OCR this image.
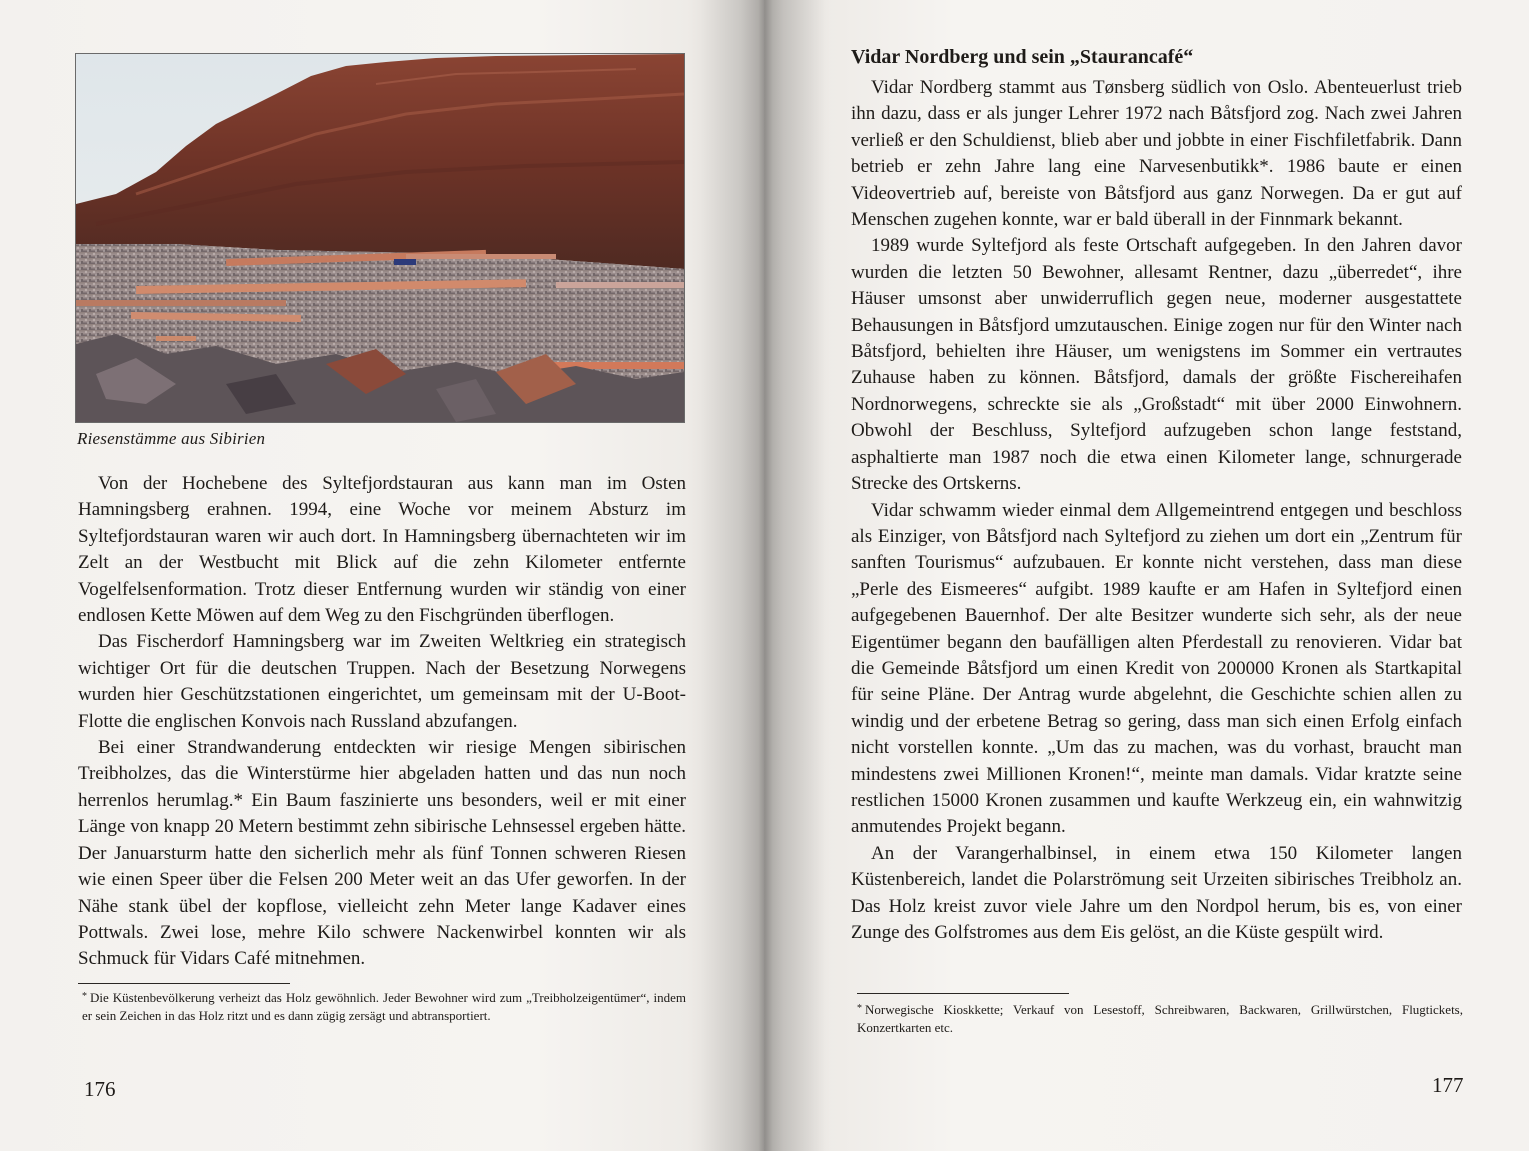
Riesenstämme aus Sibirien

Von der Hochebene des Syltefjordstauran aus kann man im Osten Hamningsberg erahnen. 1994, eine Woche vor meinem Absturz im Syltefjordstauran waren wir auch dort. In Hamningsberg übernachteten wir im Zelt an der Westbucht mit Blick auf die zehn Kilometer entfernte Vogelfelsenformation. Trotz dieser Entfernung wurden wir ständig von einer endlosen Kette Möwen auf dem Weg zu den Fischgründen überflogen.

Das Fischerdorf Hamningsberg war im Zweiten Weltkrieg ein strategisch wichtiger Ort für die deutschen Truppen. Nach der Besetzung Norwegens wurden hier Geschützstationen eingerichtet, um gemeinsam mit der U-Boot-Flotte die englischen Konvois nach Russland abzufangen.

Bei einer Strandwanderung entdeckten wir riesige Mengen sibirischen Treibholzes, das die Winterstürme hier abgeladen hatten und das nun noch herrenlos herumlag.* Ein Baum faszinierte uns besonders, weil er mit einer Länge von knapp 20 Metern bestimmt zehn sibirische Lehnsessel ergeben hätte. Der Januarsturm hatte den sicherlich mehr als fünf Tonnen schweren Riesen wie einen Speer über die Felsen 200 Meter weit an das Ufer geworfen. In der Nähe stank übel der kopflose, vielleicht zehn Meter lange Kadaver eines Pottwals. Zwei lose, mehre Kilo schwere Nackenwirbel konnten wir als Schmuck für Vidars Café mitnehmen.

* Die Küstenbevölkerung verheizt das Holz gewöhnlich. Jeder Bewohner wird zum „Treibholzeigentümer“, indem er sein Zeichen in das Holz ritzt und es dann zügig zersägt und abtransportiert.
176
Vidar Nordberg und sein „Staurancafé“

Vidar Nordberg stammt aus Tønsberg südlich von Oslo. Abenteuerlust trieb ihn dazu, dass er als junger Lehrer 1972 nach Båtsfjord zog. Nach zwei Jahren verließ er den Schuldienst, blieb aber und jobbte in einer Fischfiletfabrik. Dann betrieb er zehn Jahre lang eine Narvesenbutikk*. 1986 baute er einen Videovertrieb auf, bereiste von Båtsfjord aus ganz Norwegen. Da er gut auf Menschen zugehen konnte, war er bald überall in der Finnmark bekannt.

1989 wurde Syltefjord als feste Ortschaft aufgegeben. In den Jahren davor wurden die letzten 50 Bewohner, allesamt Rentner, dazu „überredet“, ihre Häuser umsonst aber unwiderruflich gegen neue, moderner ausgestattete Behausungen in Båtsfjord umzutauschen. Einige zogen nur für den Winter nach Båtsfjord, behielten ihre Häuser, um wenigstens im Sommer ein vertrautes Zuhause haben zu können. Båtsfjord, damals der größte Fischereihafen Nordnorwegens, schreckte sie als „Großstadt“ mit über 2000 Einwohnern. Obwohl der Beschluss, Syltefjord aufzugeben schon lange feststand, asphaltierte man 1987 noch die etwa einen Kilometer lange, schnurgerade Strecke des Ortskerns.

Vidar schwamm wieder einmal dem Allgemeintrend entgegen und beschloss als Einziger, von Båtsfjord nach Syltefjord zu ziehen um dort ein „Zentrum für sanften Tourismus“ aufzubauen. Er konnte nicht verstehen, dass man diese „Perle des Eismeeres“ aufgibt. 1989 kaufte er am Hafen in Syltefjord einen aufgegebenen Bauernhof. Der alte Besitzer wunderte sich sehr, als der neue Eigentümer begann den baufälligen alten Pferdestall zu renovieren. Vidar bat die Gemeinde Båtsfjord um einen Kredit von 200000 Kronen als Startkapital für seine Pläne. Der Antrag wurde abgelehnt, die Geschichte schien allen zu windig und der erbetene Betrag so gering, dass man sich einen Erfolg einfach nicht vorstellen konnte. „Um das zu machen, was du vorhast, braucht man mindestens zwei Millionen Kronen!“, meinte man damals. Vidar kratzte seine restlichen 15000 Kronen zusammen und kaufte Werkzeug ein, ein wahnwitzig anmutendes Projekt begann.

An der Varangerhalbinsel, in einem etwa 150 Kilometer langen Küstenbereich, landet die Polarströmung seit Urzeiten sibirisches Treibholz an. Das Holz kreist zuvor viele Jahre um den Nordpol herum, bis es, von einer Zunge des Golfstromes aus dem Eis gelöst, an die Küste gespült wird.

* Norwegische Kioskkette; Verkauf von Lesestoff, Schreibwaren, Backwaren, Grillwürstchen, Flugtickets, Konzertkarten etc.
177
